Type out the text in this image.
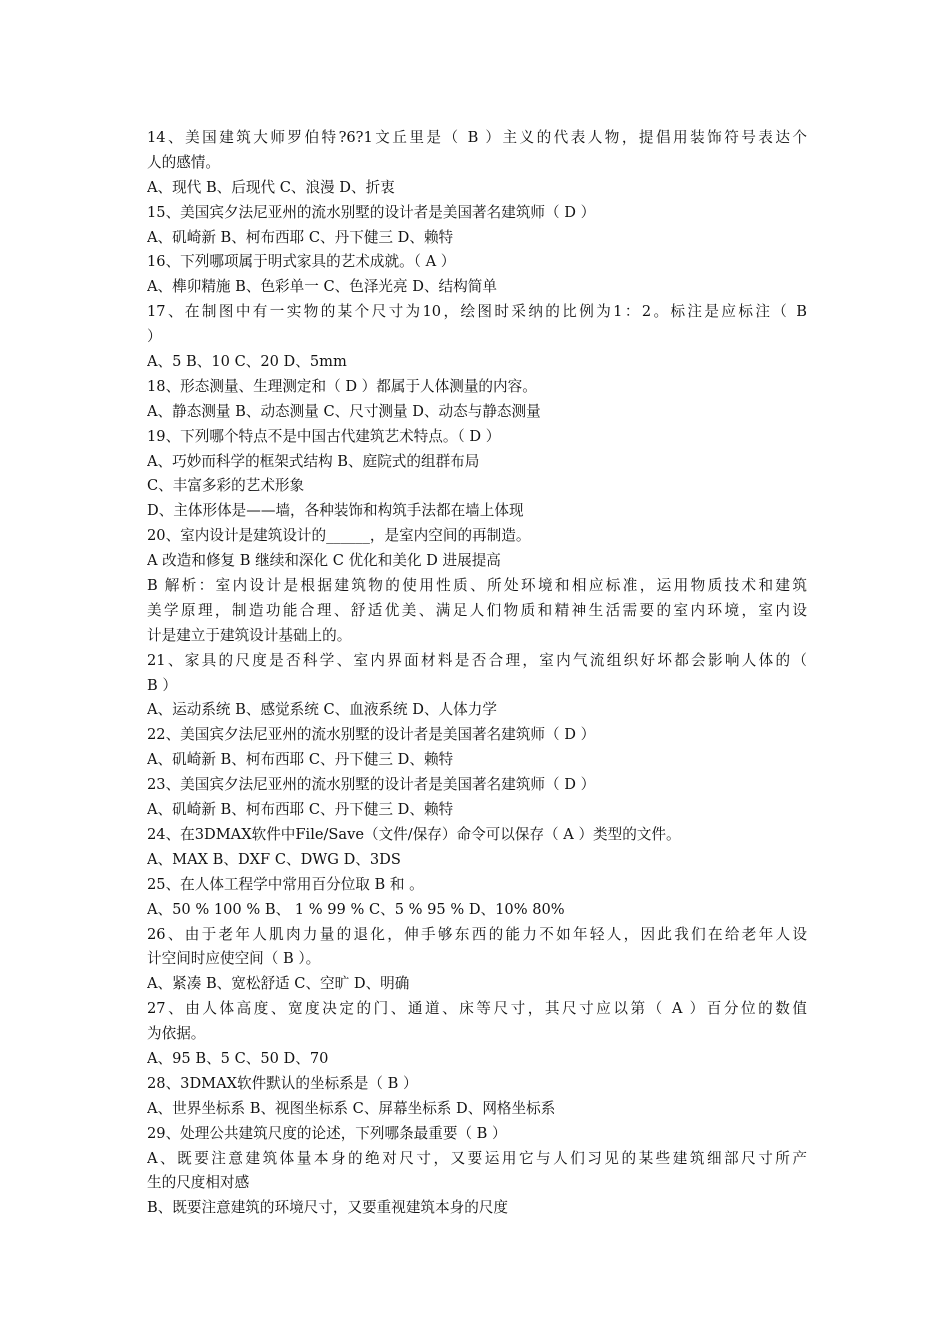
14、美国建筑大师罗伯特?6?1文丘里是（ B ）主义的代表人物，提倡用装饰符号表达个
人的感情。
A、现代 B、后现代 C、浪漫 D、折衷
15、美国宾夕法尼亚州的流水别墅的设计者是美国著名建筑师（ D ）
A、矶崎新 B、柯布西耶 C、丹下健三 D、赖特
16、下列哪项属于明式家具的艺术成就。（ A ）
A、榫卯精施 B、色彩单一 C、色泽光亮 D、结构简单
17、在制图中有一实物的某个尺寸为10，绘图时采纳的比例为1：2。标注是应标注（ B
）
A、5 B、10 C、20 D、5mm
18、形态测量、生理测定和（ D ）都属于人体测量的内容。
A、静态测量 B、动态测量 C、尺寸测量 D、动态与静态测量
19、下列哪个特点不是中国古代建筑艺术特点。（ D ）
A、巧妙而科学的框架式结构 B、庭院式的组群布局
C、丰富多彩的艺术形象
D、主体形体是——墙，各种装饰和构筑手法都在墙上体现
20、室内设计是建筑设计的______，是室内空间的再制造。
A 改造和修复 B 继续和深化 C 优化和美化 D 进展提高
B 解析：室内设计是根据建筑物的使用性质、所处环境和相应标准，运用物质技术和建筑
美学原理，制造功能合理、舒适优美、满足人们物质和精神生活需要的室内环境，室内设
计是建立于建筑设计基础上的。
21、家具的尺度是否科学、室内界面材料是否合理，室内气流组织好坏都会影响人体的（
B ）
A、运动系统 B、感觉系统 C、血液系统 D、人体力学
22、美国宾夕法尼亚州的流水别墅的设计者是美国著名建筑师（ D ）
A、矶崎新 B、柯布西耶 C、丹下健三 D、赖特
23、美国宾夕法尼亚州的流水别墅的设计者是美国著名建筑师（ D ）
A、矶崎新 B、柯布西耶 C、丹下健三 D、赖特
24、在3DMAX软件中File/Save（文件/保存）命令可以保存（ A ）类型的文件。
A、MAX B、DXF C、DWG D、3DS
25、在人体工程学中常用百分位取 B 和 。
A、50 % 100 % B、 1 % 99 % C、5 % 95 % D、10% 80%
26、由于老年人肌肉力量的退化，伸手够东西的能力不如年轻人，因此我们在给老年人设
计空间时应使空间（ B ）。
A、紧凑 B、宽松舒适 C、空旷 D、明确
27、由人体高度、宽度决定的门、通道、床等尺寸，其尺寸应以第（ A ）百分位的数值
为依据。
A、95 B、5 C、50 D、70
28、3DMAX软件默认的坐标系是（ B ）
A、世界坐标系 B、视图坐标系 C、屏幕坐标系 D、网格坐标系
29、处理公共建筑尺度的论述，下列哪条最重要（ B ）
A、既要注意建筑体量本身的绝对尺寸，又要运用它与人们习见的某些建筑细部尺寸所产
生的尺度相对感
B、既要注意建筑的环境尺寸，又要重视建筑本身的尺度
